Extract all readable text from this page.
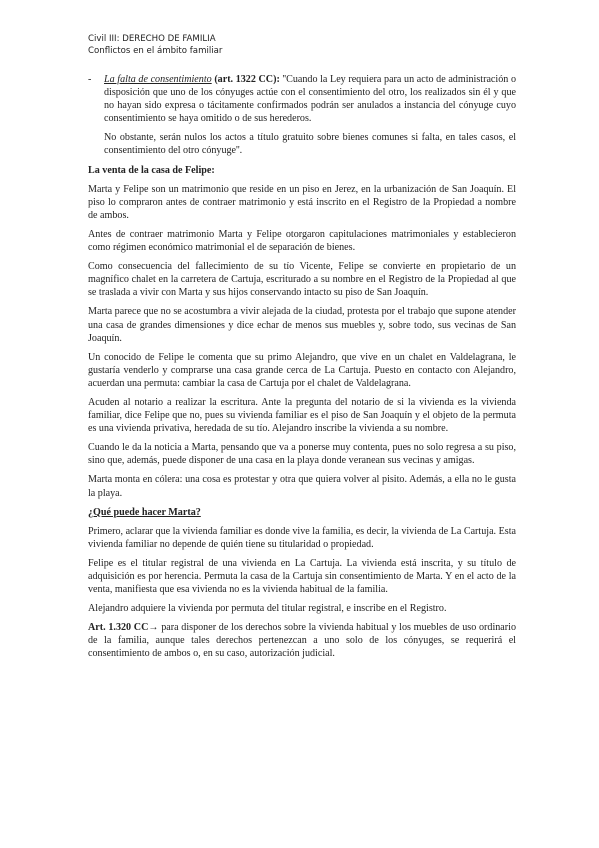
Civil III: DERECHO DE FAMILIA
Conflictos en el ámbito familiar

- La falta de consentimiento (art. 1322 CC): ''Cuando la Ley requiera para un acto de administración o disposición que uno de los cónyuges actúe con el consentimiento del otro, los realizados sin él y que no hayan sido expresa o tácitamente confirmados podrán ser anulados a instancia del cónyuge cuyo consentimiento se haya omitido o de sus herederos.

No obstante, serán nulos los actos a título gratuito sobre bienes comunes si falta, en tales casos, el consentimiento del otro cónyuge''.

La venta de la casa de Felipe:

Marta y Felipe son un matrimonio que reside en un piso en Jerez, en la urbanización de San Joaquín. El piso lo compraron antes de contraer matrimonio y está inscrito en el Registro de la Propiedad a nombre de ambos.

Antes de contraer matrimonio Marta y Felipe otorgaron capitulaciones matrimoniales y establecieron como régimen económico matrimonial el de separación de bienes.

Como consecuencia del fallecimiento de su tío Vicente, Felipe se convierte en propietario de un magnífico chalet en la carretera de Cartuja, escriturado a su nombre en el Registro de la Propiedad al que se traslada a vivir con Marta y sus hijos conservando intacto su piso de San Joaquín.

Marta parece que no se acostumbra a vivir alejada de la ciudad, protesta por el trabajo que supone atender una casa de grandes dimensiones y dice echar de menos sus muebles y, sobre todo, sus vecinas de San Joaquín.

Un conocido de Felipe le comenta que su primo Alejandro, que vive en un chalet en Valdelagrana, le gustaría venderlo y comprarse una casa grande cerca de La Cartuja. Puesto en contacto con Alejandro, acuerdan una permuta: cambiar la casa de Cartuja por el chalet de Valdelagrana.

Acuden al notario a realizar la escritura. Ante la pregunta del notario de si la vivienda es la vivienda familiar, dice Felipe que no, pues su vivienda familiar es el piso de San Joaquín y el objeto de la permuta es una vivienda privativa, heredada de su tío. Alejandro inscribe la vivienda a su nombre.

Cuando le da la noticia a Marta, pensando que va a ponerse muy contenta, pues no solo regresa a su piso, sino que, además, puede disponer de una casa en la playa donde veranean sus vecinas y amigas.

Marta monta en cólera: una cosa es protestar y otra que quiera volver al pisito. Además, a ella no le gusta la playa.

¿Qué puede hacer Marta?

Primero, aclarar que la vivienda familiar es donde vive la familia, es decir, la vivienda de La Cartuja. Esta vivienda familiar no depende de quién tiene su titularidad o propiedad.

Felipe es el titular registral de una vivienda en La Cartuja. La vivienda está inscrita, y su título de adquisición es por herencia. Permuta la casa de la Cartuja sin consentimiento de Marta. Y en el acto de la venta, manifiesta que esa vivienda no es la vivienda habitual de la familia.

Alejandro adquiere la vivienda por permuta del titular registral, e inscribe en el Registro.

Art. 1.320 CC→ para disponer de los derechos sobre la vivienda habitual y los muebles de uso ordinario de la familia, aunque tales derechos pertenezcan a uno solo de los cónyuges, se requerirá el consentimiento de ambos o, en su caso, autorización judicial.
